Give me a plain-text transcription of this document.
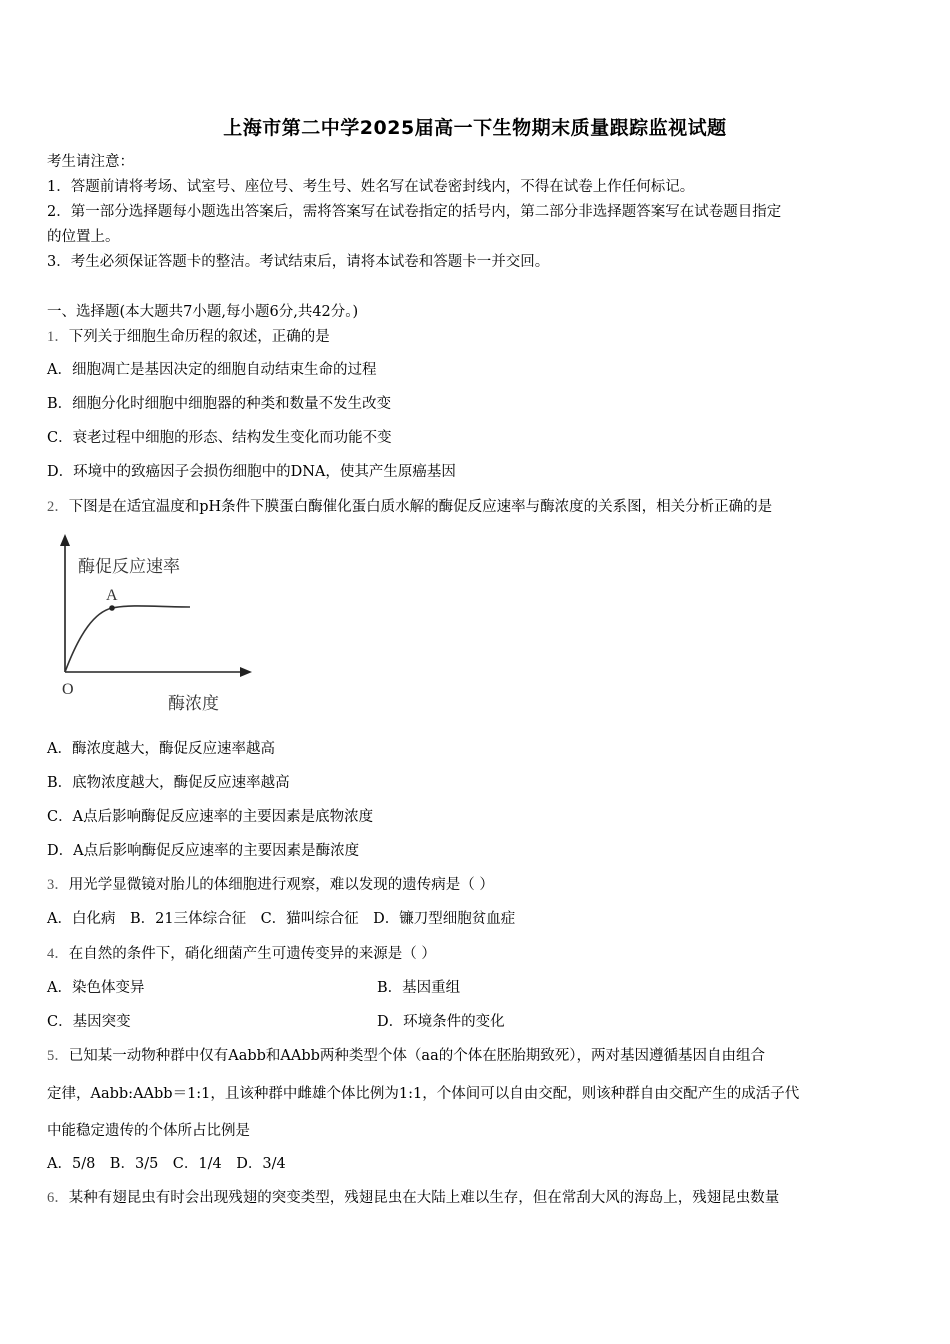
上海市第二中学2025届高一下生物期末质量跟踪监视试题
考生请注意：
1．答题前请将考场、试室号、座位号、考生号、姓名写在试卷密封线内，不得在试卷上作任何标记。
2．第一部分选择题每小题选出答案后，需将答案写在试卷指定的括号内，第二部分非选择题答案写在试卷题目指定
的位置上。
3．考生必须保证答题卡的整洁。考试结束后，请将本试卷和答题卡一并交回。
一、选择题(本大题共7小题,每小题6分,共42分。)
1．下列关于细胞生命历程的叙述，正确的是
A．细胞凋亡是基因决定的细胞自动结束生命的过程
B．细胞分化时细胞中细胞器的种类和数量不发生改变
C．衰老过程中细胞的形态、结构发生变化而功能不变
D．环境中的致癌因子会损伤细胞中的DNA，使其产生原癌基因
2．下图是在适宜温度和pH条件下膜蛋白酶催化蛋白质水解的酶促反应速率与酶浓度的关系图，相关分析正确的是
A
酶促反应速率
O
酶浓度
A．酶浓度越大，酶促反应速率越高
B．底物浓度越大，酶促反应速率越高
C．A点后影响酶促反应速率的主要因素是底物浓度
D．A点后影响酶促反应速率的主要因素是酶浓度
3．用光学显微镜对胎儿的体细胞进行观察，难以发现的遗传病是（ ）
A．白化病　B．21三体综合征　C．猫叫综合征　D．镰刀型细胞贫血症
4．在自然的条件下，硝化细菌产生可遗传变异的来源是（ ）
A．染色体变异	B．基因重组
C．基因突变	D．环境条件的变化
5．已知某一动物种群中仅有Aabb和AAbb两种类型个体（aa的个体在胚胎期致死），两对基因遵循基因自由组合
定律，Aabb:AAbb＝1:1，且该种群中雌雄个体比例为1:1，个体间可以自由交配，则该种群自由交配产生的成活子代
中能稳定遗传的个体所占比例是
A．5/8　B．3/5　C．1/4　D．3/4
6．某种有翅昆虫有时会出现残翅的突变类型，残翅昆虫在大陆上难以生存，但在常刮大风的海岛上，残翅昆虫数量
